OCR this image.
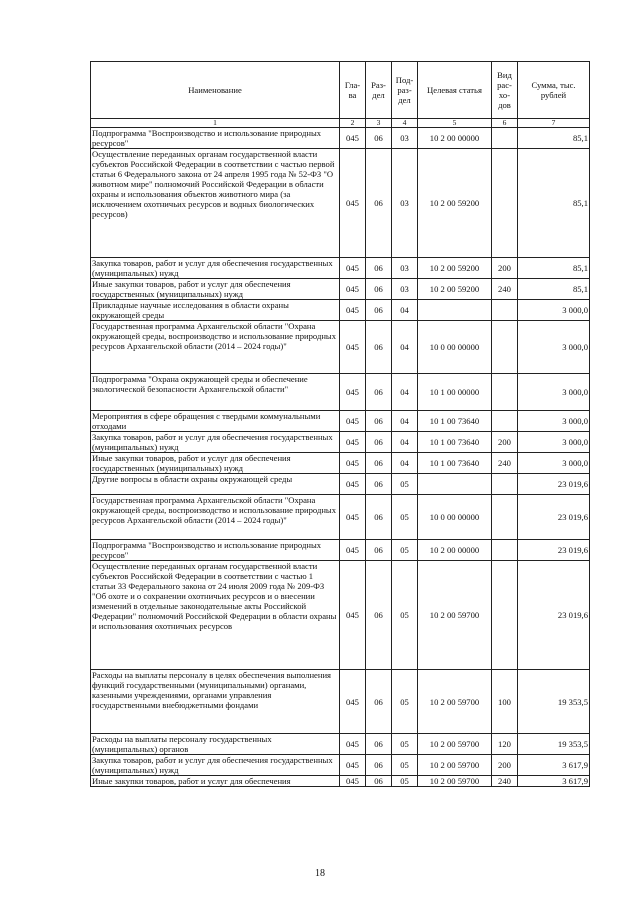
Наименование	Гла-ва	Раз-дел	Под-раз-дел	Целевая статья	Вид рас-хо-дов	Сумма, тыс. рублей
1	2	3	4	5	6	7
Подпрограмма "Воспроизводство и использование природных ресурсов"	045	06	03	10 2 00 00000		85,1
Осуществление переданных органам государственной власти субъектов Российской Федерации в соответствии с частью первой статьи 6 Федерального закона от 24 апреля 1995 года № 52-ФЗ "О животном мире" полномочий Российской Федерации в области охраны и использования объектов животного мира (за исключением охотничьих ресурсов и водных биологических ресурсов)	045	06	03	10 2 00 59200		85,1
Закупка товаров, работ и услуг для обеспечения государственных (муниципальных) нужд	045	06	03	10 2 00 59200	200	85,1
Иные закупки товаров, работ и услуг для обеспечения государственных (муниципальных) нужд	045	06	03	10 2 00 59200	240	85,1
Прикладные научные исследования в области охраны окружающей среды	045	06	04			3 000,0
Государственная программа Архангельской области "Охрана окружающей среды, воспроизводство и использование природных ресурсов Архангельской области (2014 – 2024 годы)"	045	06	04	10 0 00 00000		3 000,0
Подпрограмма "Охрана окружающей среды и обеспечение экологической безопасности Архангельской области"	045	06	04	10 1 00 00000		3 000,0
Мероприятия в сфере обращения с твердыми коммунальными отходами	045	06	04	10 1 00 73640		3 000,0
Закупка товаров, работ и услуг для обеспечения государственных (муниципальных) нужд	045	06	04	10 1 00 73640	200	3 000,0
Иные закупки товаров, работ и услуг для обеспечения государственных (муниципальных) нужд	045	06	04	10 1 00 73640	240	3 000,0
Другие вопросы в области охраны окружающей среды	045	06	05			23 019,6
Государственная программа Архангельской области "Охрана окружающей среды, воспроизводство и использование природных ресурсов Архангельской области (2014 – 2024 годы)"	045	06	05	10 0 00 00000		23 019,6
Подпрограмма "Воспроизводство и использование природных ресурсов"	045	06	05	10 2 00 00000		23 019,6
Осуществление переданных органам государственной власти субъектов Российской Федерации в соответствии с частью 1 статьи 33 Федерального закона от 24 июля 2009 года № 209-ФЗ "Об охоте и о сохранении охотничьих ресурсов и о внесении изменений в отдельные законодательные акты Российской Федерации" полномочий Российской Федерации в области охраны и использования охотничьих ресурсов	045	06	05	10 2 00 59700		23 019,6
Расходы на выплаты персоналу в целях обеспечения выполнения функций государственными (муниципальными) органами, казенными учреждениями, органами управления государственными внебюджетными фондами	045	06	05	10 2 00 59700	100	19 353,5
Расходы на выплаты персоналу государственных (муниципальных) органов	045	06	05	10 2 00 59700	120	19 353,5
Закупка товаров, работ и услуг для обеспечения государственных (муниципальных) нужд	045	06	05	10 2 00 59700	200	3 617,9
Иные закупки товаров, работ и услуг для обеспечения	045	06	05	10 2 00 59700	240	3 617,9
18
